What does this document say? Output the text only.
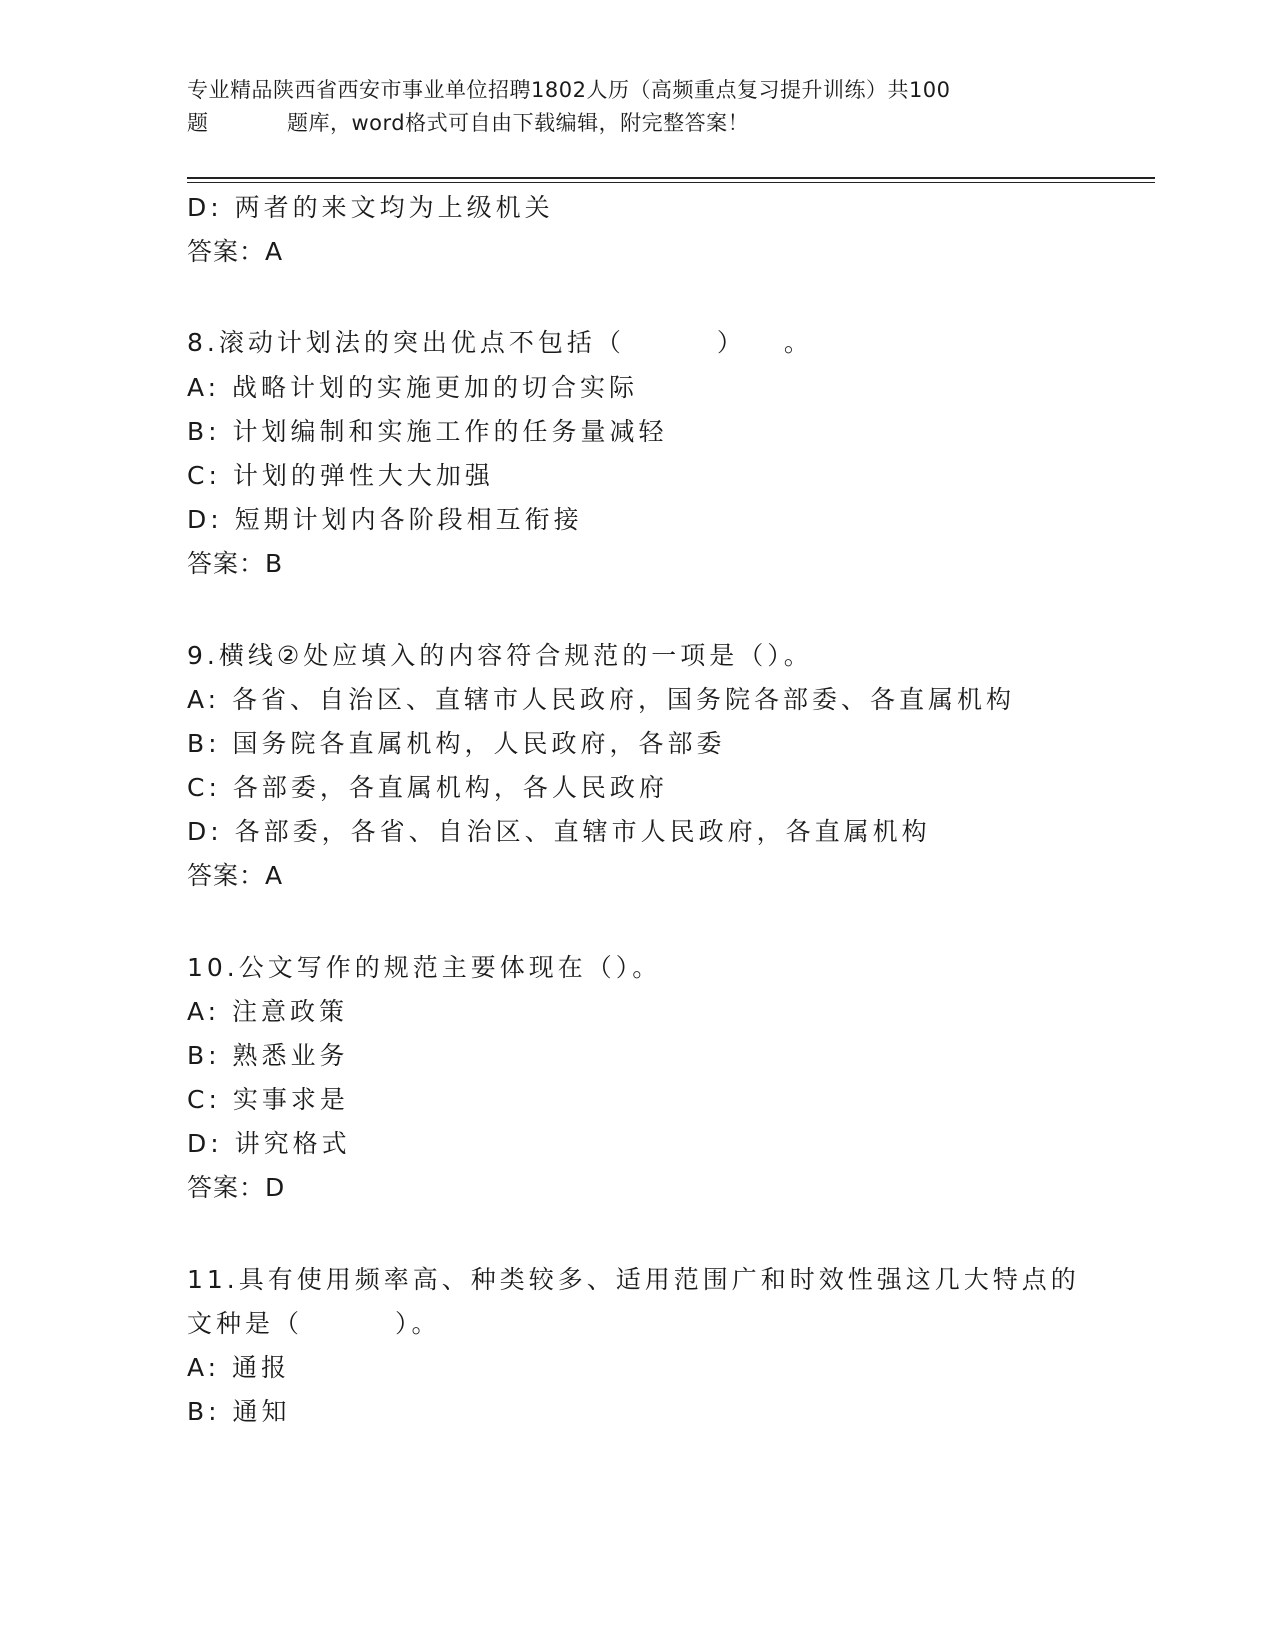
专业精品陕西省西安市事业单位招聘1802人历（高频重点复习提升训练）共100
题	题库，word格式可自由下载编辑，附完整答案！
D: 两者的来文均为上级机关
答案：A
8.滚动计划法的突出优点不包括（	） 。
A: 战略计划的实施更加的切合实际
B: 计划编制和实施工作的任务量减轻
C: 计划的弹性大大加强
D: 短期计划内各阶段相互衔接
答案：B
9.横线②处应填入的内容符合规范的一项是（）。
A: 各省、自治区、直辖市人民政府，国务院各部委、各直属机构
B: 国务院各直属机构，人民政府，各部委
C: 各部委，各直属机构，各人民政府
D: 各部委，各省、自治区、直辖市人民政府，各直属机构
答案：A
10.公文写作的规范主要体现在（）。
A: 注意政策
B: 熟悉业务
C: 实事求是
D: 讲究格式
答案：D
11.具有使用频率高、种类较多、适用范围广和时效性强这几大特点的
文种是（	）。
A: 通报
B: 通知
